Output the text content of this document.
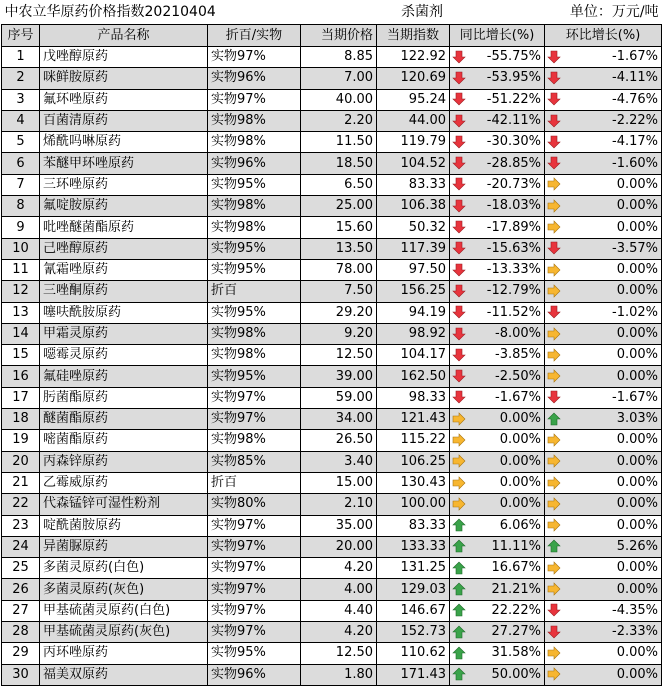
中农立华原药价格指数20210404				杀菌剂		单位：万元/吨		
序号	产品名称	折百/实物	当期价格	当期指数	同比增长(%)		环比增长(%)	
1	戊唑醇原药	实物97%	8.85	122.92		-55.75%		-1.67%
2	咪鲜胺原药	实物96%	7.00	120.69		-53.95%		-4.11%
3	氟环唑原药	实物97%	40.00	95.24		-51.22%		-4.76%
4	百菌清原药	实物98%	2.20	44.00		-42.11%		-2.22%
5	烯酰吗啉原药	实物98%	11.50	119.79		-30.30%		-4.17%
6	苯醚甲环唑原药	实物96%	18.50	104.52		-28.85%		-1.60%
7	三环唑原药	实物95%	6.50	83.33		-20.73%		0.00%
8	氟啶胺原药	实物98%	25.00	106.38		-18.03%		0.00%
9	吡唑醚菌酯原药	实物98%	15.60	50.32		-17.89%		0.00%
10	己唑醇原药	实物95%	13.50	117.39		-15.63%		-3.57%
11	氰霜唑原药	实物95%	78.00	97.50		-13.33%		0.00%
12	三唑酮原药	折百	7.50	156.25		-12.79%		0.00%
13	噻呋酰胺原药	实物95%	29.20	94.19		-11.52%		-1.02%
14	甲霜灵原药	实物98%	9.20	98.92		-8.00%		0.00%
15	噁霉灵原药	实物98%	12.50	104.17		-3.85%		0.00%
16	氟硅唑原药	实物95%	39.00	162.50		-2.50%		0.00%
17	肟菌酯原药	实物97%	59.00	98.33		-1.67%		-1.67%
18	醚菌酯原药	实物97%	34.00	121.43		0.00%		3.03%
19	嘧菌酯原药	实物98%	26.50	115.22		0.00%		0.00%
20	丙森锌原药	实物85%	3.40	106.25		0.00%		0.00%
21	乙霉威原药	折百	15.00	130.43		0.00%		0.00%
22	代森锰锌可湿性粉剂	实物80%	2.10	100.00		0.00%		0.00%
23	啶酰菌胺原药	实物97%	35.00	83.33		6.06%		0.00%
24	异菌脲原药	实物97%	20.00	133.33		11.11%		5.26%
25	多菌灵原药(白色)	实物97%	4.20	131.25		16.67%		0.00%
26	多菌灵原药(灰色)	实物97%	4.00	129.03		21.21%		0.00%
27	甲基硫菌灵原药(白色)	实物97%	4.40	146.67		22.22%		-4.35%
28	甲基硫菌灵原药(灰色)	实物97%	4.20	152.73		27.27%		-2.33%
29	丙环唑原药	实物95%	12.50	110.62		31.58%		0.00%
30	福美双原药	实物96%	1.80	171.43		50.00%		0.00%
